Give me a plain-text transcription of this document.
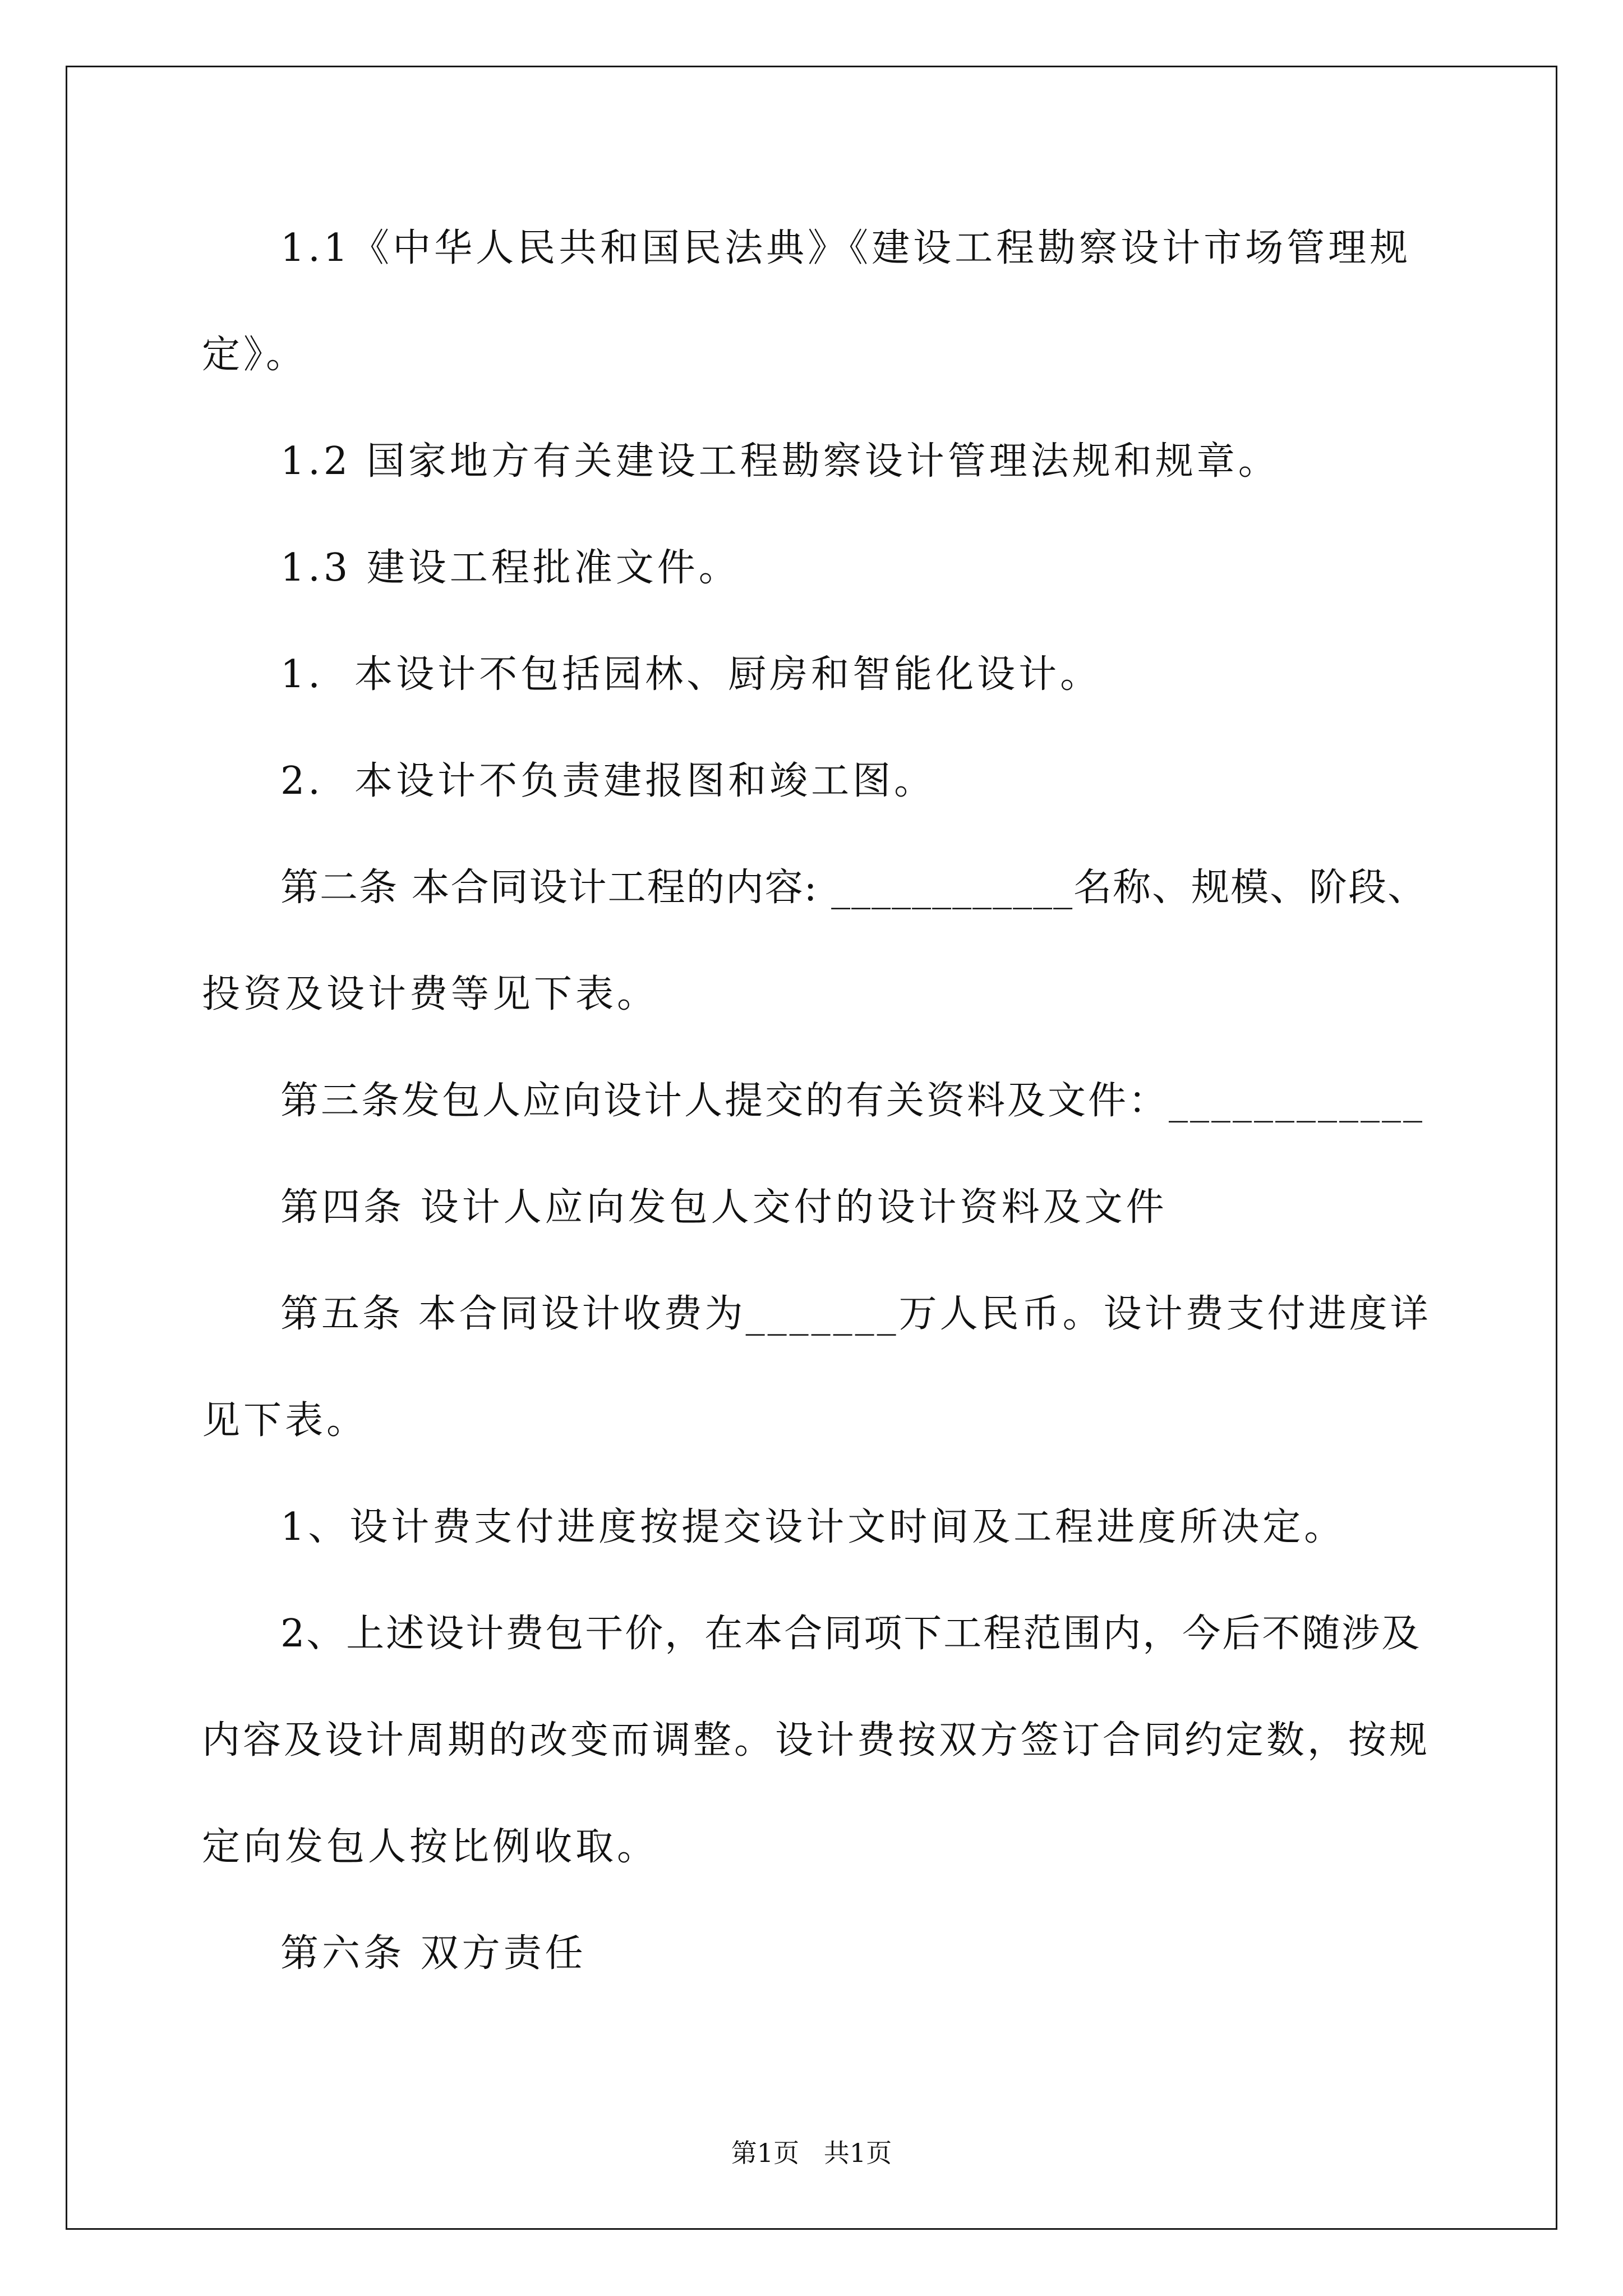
1.1《中华人民共和国民法典》《建设工程勘察设计市场管理规
定》。
1.2 国家地方有关建设工程勘察设计管理法规和规章。
1.3 建设工程批准文件。
1.  本设计不包括园林、厨房和智能化设计。
2.  本设计不负责建报图和竣工图。
第二条 本合同设计工程的内容: ____________名称、规模、阶段、
投资及设计费等见下表。
第三条发包人应向设计人提交的有关资料及文件：____________
第四条 设计人应向发包人交付的设计资料及文件
第五条 本合同设计收费为_______万人民币。设计费支付进度详
见下表。
1、设计费支付进度按提交设计文时间及工程进度所决定。
2、上述设计费包干价，在本合同项下工程范围内，今后不随涉及
内容及设计周期的改变而调整。设计费按双方签订合同约定数，按规
定向发包人按比例收取。
第六条 双方责任
第1页   共1页
